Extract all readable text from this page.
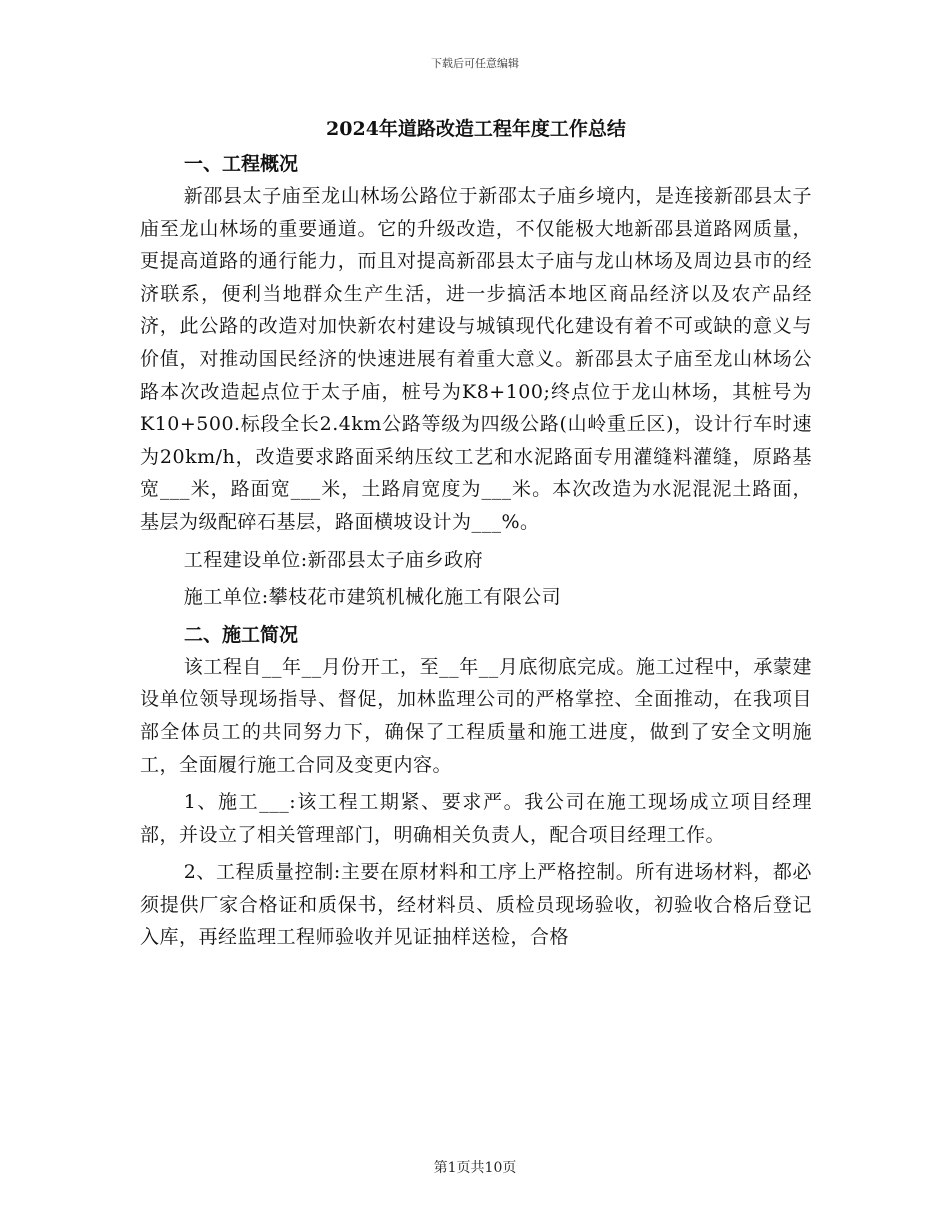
下载后可任意编辑
2024年道路改造工程年度工作总结
一、工程概况

新邵县太子庙至龙山林场公路位于新邵太子庙乡境内，是连接新邵县太子庙至龙山林场的重要通道。它的升级改造，不仅能极大地新邵县道路网质量，更提高道路的通行能力，而且对提高新邵县太子庙与龙山林场及周边县市的经济联系，便利当地群众生产生活，进一步搞活本地区商品经济以及农产品经济，此公路的改造对加快新农村建设与城镇现代化建设有着不可或缺的意义与价值，对推动国民经济的快速进展有着重大意义。新邵县太子庙至龙山林场公路本次改造起点位于太子庙，桩号为K8+100;终点位于龙山林场，其桩号为K10+500.标段全长2.4km公路等级为四级公路(山岭重丘区)，设计行车时速为20km/h，改造要求路面采纳压纹工艺和水泥路面专用灌缝料灌缝，原路基宽___米，路面宽___米，土路肩宽度为___米。本次改造为水泥混泥土路面，基层为级配碎石基层，路面横坡设计为___%。

工程建设单位:新邵县太子庙乡政府

施工单位:攀枝花市建筑机械化施工有限公司

二、施工简况

该工程自__年__月份开工，至__年__月底彻底完成。施工过程中，承蒙建设单位领导现场指导、督促，加林监理公司的严格掌控、全面推动，在我项目部全体员工的共同努力下，确保了工程质量和施工进度，做到了安全文明施工，全面履行施工合同及变更内容。

1、施工___:该工程工期紧、要求严。我公司在施工现场成立项目经理部，并设立了相关管理部门，明确相关负责人，配合项目经理工作。

2、工程质量控制:主要在原材料和工序上严格控制。所有进场材料，都必须提供厂家合格证和质保书，经材料员、质检员现场验收，初验收合格后登记入库，再经监理工程师验收并见证抽样送检，合格

第1页共10页
